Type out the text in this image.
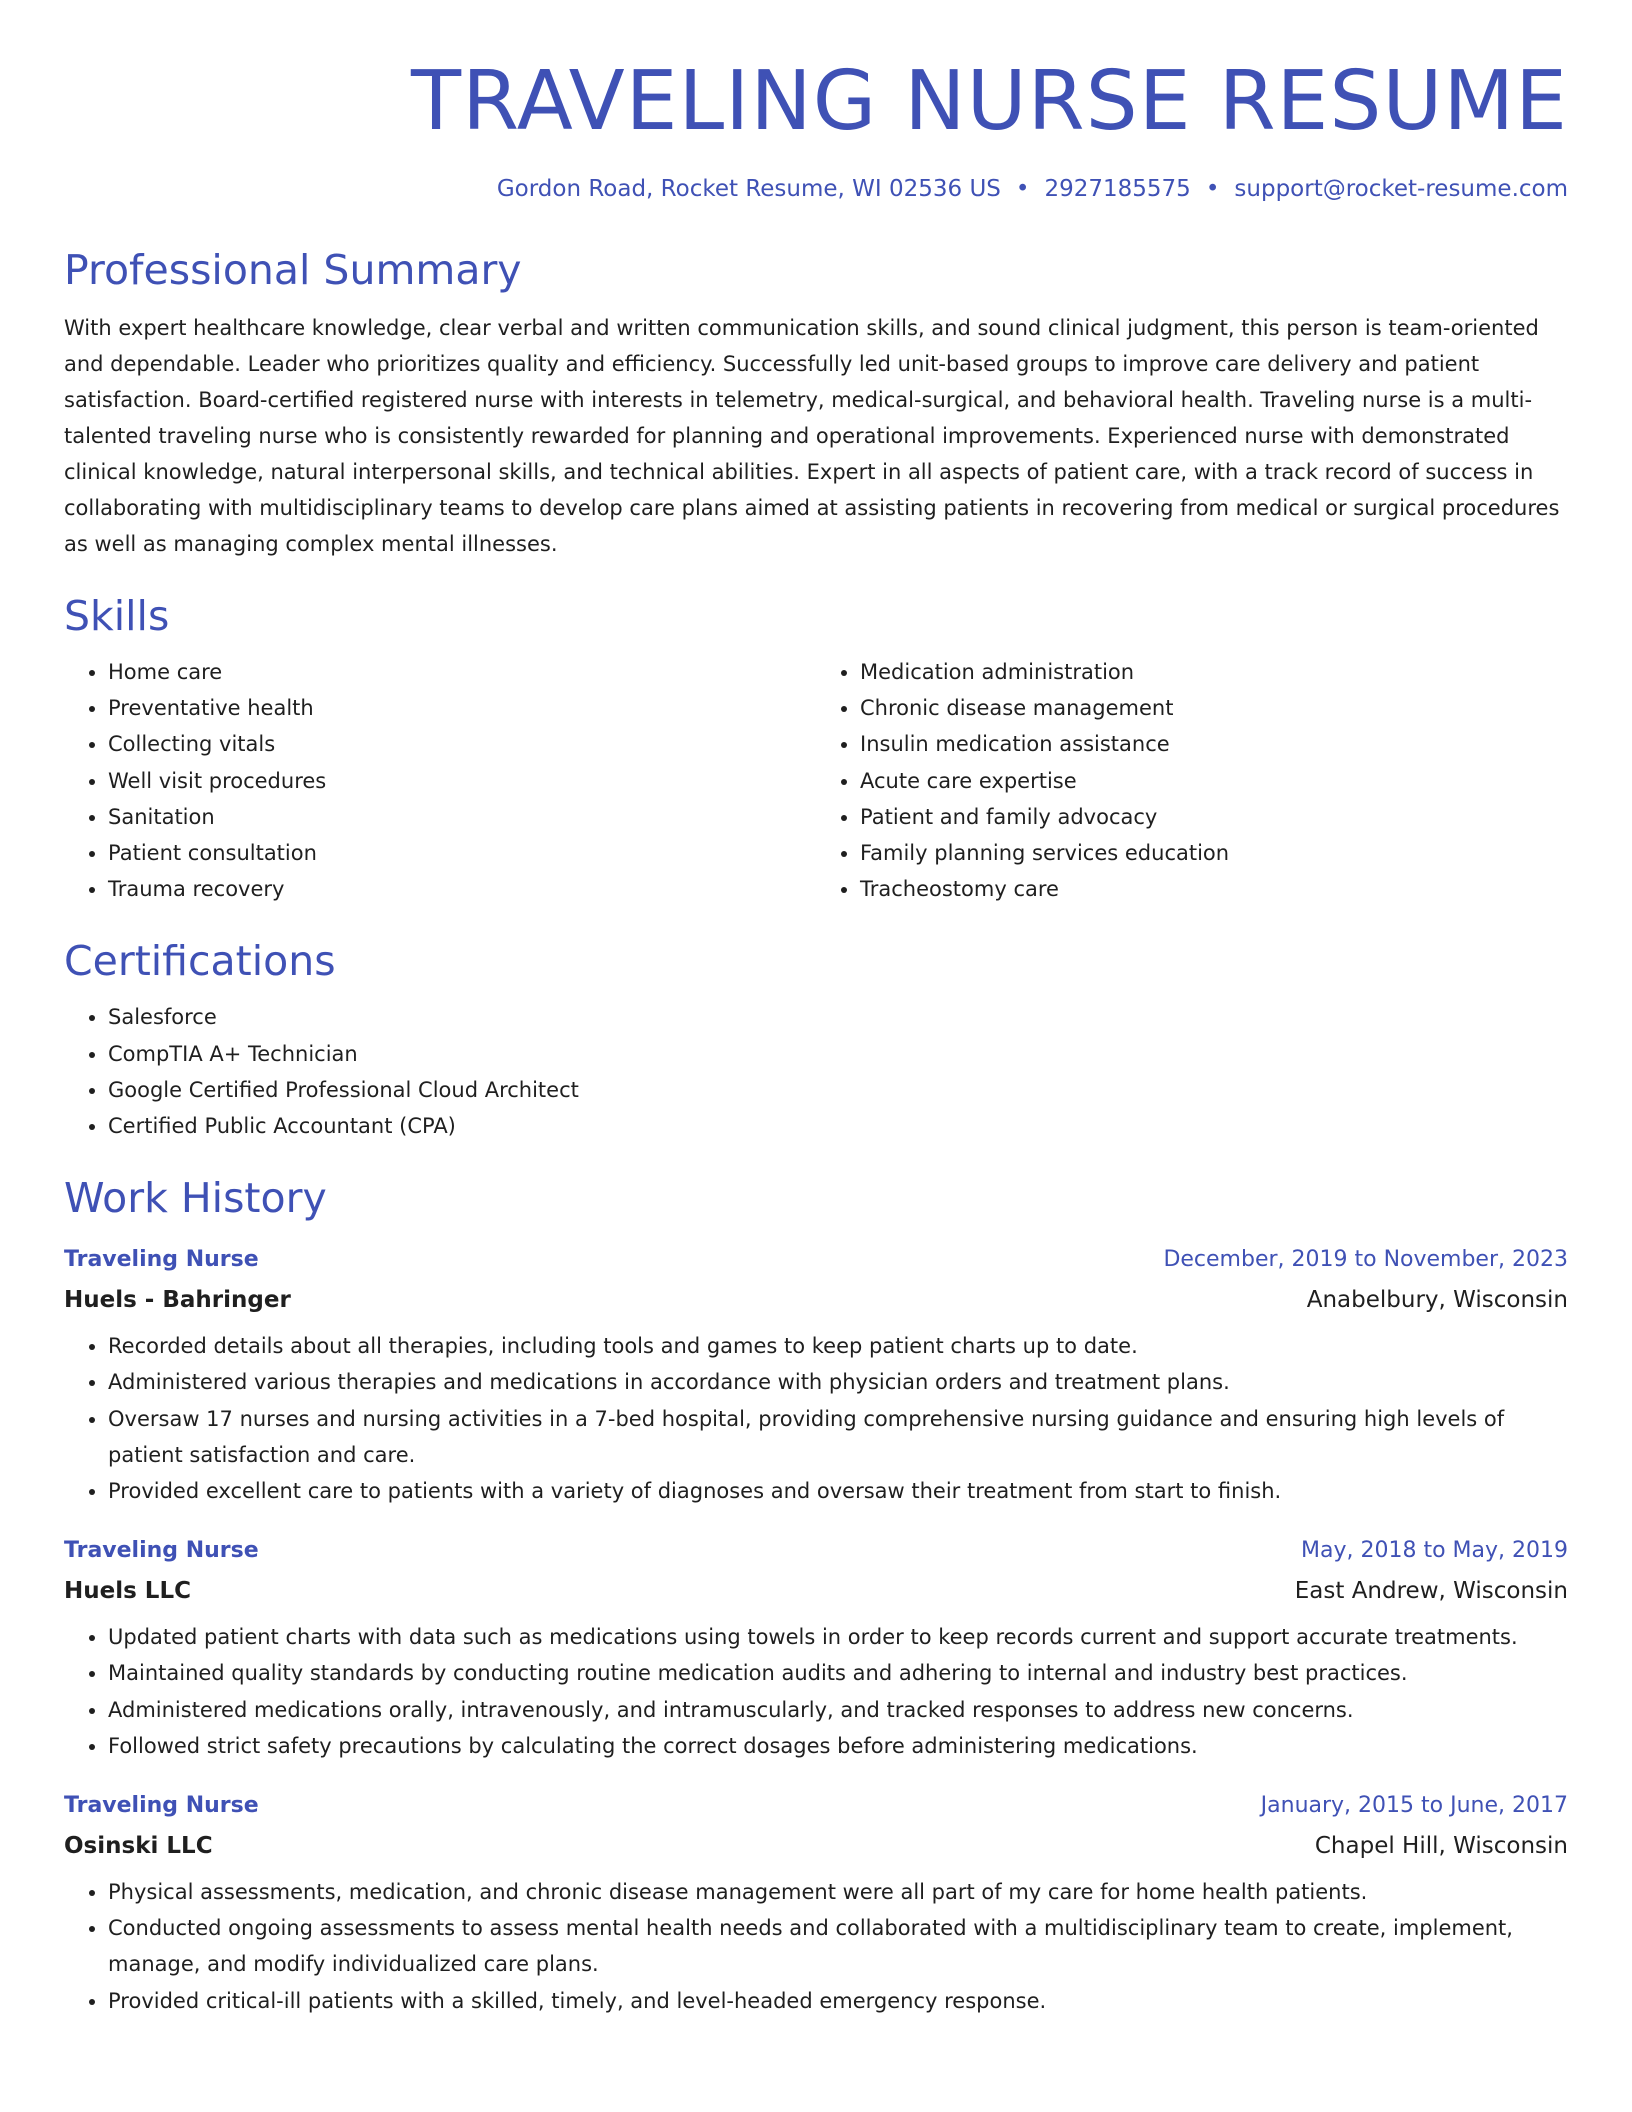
TRAVELING NURSE RESUME
Gordon Road, Rocket Resume, WI 02536 US • 2927185575 • support@rocket-resume.com
Professional Summary

With expert healthcare knowledge, clear verbal and written communication skills, and sound clinical judgment, this person is team-oriented and dependable. Leader who prioritizes quality and efficiency. Successfully led unit-based groups to improve care delivery and patient satisfaction. Board-certified registered nurse with interests in telemetry, medical-surgical, and behavioral health. Traveling nurse is a multi-talented traveling nurse who is consistently rewarded for planning and operational improvements. Experienced nurse with demonstrated clinical knowledge, natural interpersonal skills, and technical abilities. Expert in all aspects of patient care, with a track record of success in collaborating with multidisciplinary teams to develop care plans aimed at assisting patients in recovering from medical or surgical procedures as well as managing complex mental illnesses.

Skills
• Home care
• Preventative health
• Collecting vitals
• Well visit procedures
• Sanitation
• Patient consultation
• Trauma recovery
• Medication administration
• Chronic disease management
• Insulin medication assistance
• Acute care expertise
• Patient and family advocacy
• Family planning services education
• Tracheostomy care
Certifications
• Salesforce
• CompTIA A+ Technician
• Google Certified Professional Cloud Architect
• Certified Public Accountant (CPA)
Work History
Traveling Nurse	December, 2019 to November, 2023
Huels - Bahringer	Anabelbury, Wisconsin
• Recorded details about all therapies, including tools and games to keep patient charts up to date.
• Administered various therapies and medications in accordance with physician orders and treatment plans.
• Oversaw 17 nurses and nursing activities in a 7-bed hospital, providing comprehensive nursing guidance and ensuring high levels of patient satisfaction and care.
• Provided excellent care to patients with a variety of diagnoses and oversaw their treatment from start to finish.
Traveling Nurse	May, 2018 to May, 2019
Huels LLC	East Andrew, Wisconsin
• Updated patient charts with data such as medications using towels in order to keep records current and support accurate treatments.
• Maintained quality standards by conducting routine medication audits and adhering to internal and industry best practices.
• Administered medications orally, intravenously, and intramuscularly, and tracked responses to address new concerns.
• Followed strict safety precautions by calculating the correct dosages before administering medications.
Traveling Nurse	January, 2015 to June, 2017
Osinski LLC	Chapel Hill, Wisconsin
• Physical assessments, medication, and chronic disease management were all part of my care for home health patients.
• Conducted ongoing assessments to assess mental health needs and collaborated with a multidisciplinary team to create, implement, manage, and modify individualized care plans.
• Provided critical-ill patients with a skilled, timely, and level-headed emergency response.
